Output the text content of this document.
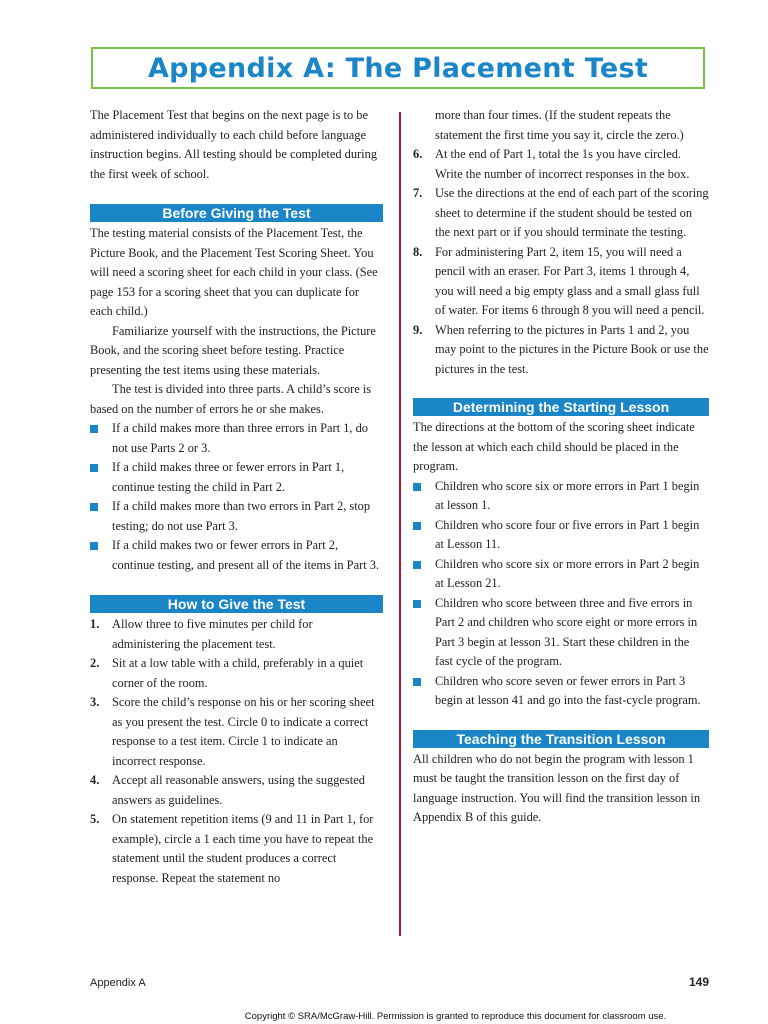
Appendix A: The Placement Test

The Placement Test that begins on the next page is to be administered individually to each child before language instruction begins. All testing should be completed during the first week of school.

Before Giving the Test

The testing material consists of the Placement Test, the Picture Book, and the Placement Test Scoring Sheet. You will need a scoring sheet for each child in your class. (See page 153 for a scoring sheet that you can duplicate for each child.)

Familiarize yourself with the instructions, the Picture Book, and the scoring sheet before testing. Practice presenting the test items using these materials.

The test is divided into three parts. A child’s score is based on the number of errors he or she makes.

If a child makes more than three errors in Part 1, do not use Parts 2 or 3.
If a child makes three or fewer errors in Part 1, continue testing the child in Part 2.
If a child makes more than two errors in Part 2, stop testing; do not use Part 3.
If a child makes two or fewer errors in Part 2, continue testing, and present all of the items in Part 3.
How to Give the Test
1. Allow three to five minutes per child for administering the placement test.
2. Sit at a low table with a child, preferably in a quiet corner of the room.
3. Score the child’s response on his or her scoring sheet as you present the test. Circle 0 to indicate a correct response to a test item. Circle 1 to indicate an incorrect response.
4. Accept all reasonable answers, using the suggested answers as guidelines.
5. On statement repetition items (9 and 11 in Part 1, for example), circle a 1 each time you have to repeat the statement until the student produces a correct response. Repeat the statement no

more than four times. (If the student repeats the statement the first time you say it, circle the zero.)

6. At the end of Part 1, total the 1s you have circled. Write the number of incorrect responses in the box.
7. Use the directions at the end of each part of the scoring sheet to determine if the student should be tested on the next part or if you should terminate the testing.
8. For administering Part 2, item 15, you will need a pencil with an eraser. For Part 3, items 1 through 4, you will need a big empty glass and a small glass full of water. For items 6 through 8 you will need a pencil.
9. When referring to the pictures in Parts 1 and 2, you may point to the pictures in the Picture Book or use the pictures in the test.
Determining the Starting Lesson

The directions at the bottom of the scoring sheet indicate the lesson at which each child should be placed in the program.

Children who score six or more errors in Part 1 begin at lesson 1.
Children who score four or five errors in Part 1 begin at Lesson 11.
Children who score six or more errors in Part 2 begin at Lesson 21.
Children who score between three and five errors in Part 2 and children who score eight or more errors in Part 3 begin at lesson 31. Start these children in the fast cycle of the program.
Children who score seven or fewer errors in Part 3 begin at lesson 41 and go into the fast-cycle program.
Teaching the Transition Lesson

All children who do not begin the program with lesson 1 must be taught the transition lesson on the first day of language instruction. You will find the transition lesson in Appendix B of this guide.

Appendix A	149
Copyright © SRA/McGraw-Hill. Permission is granted to reproduce this document for classroom use.
